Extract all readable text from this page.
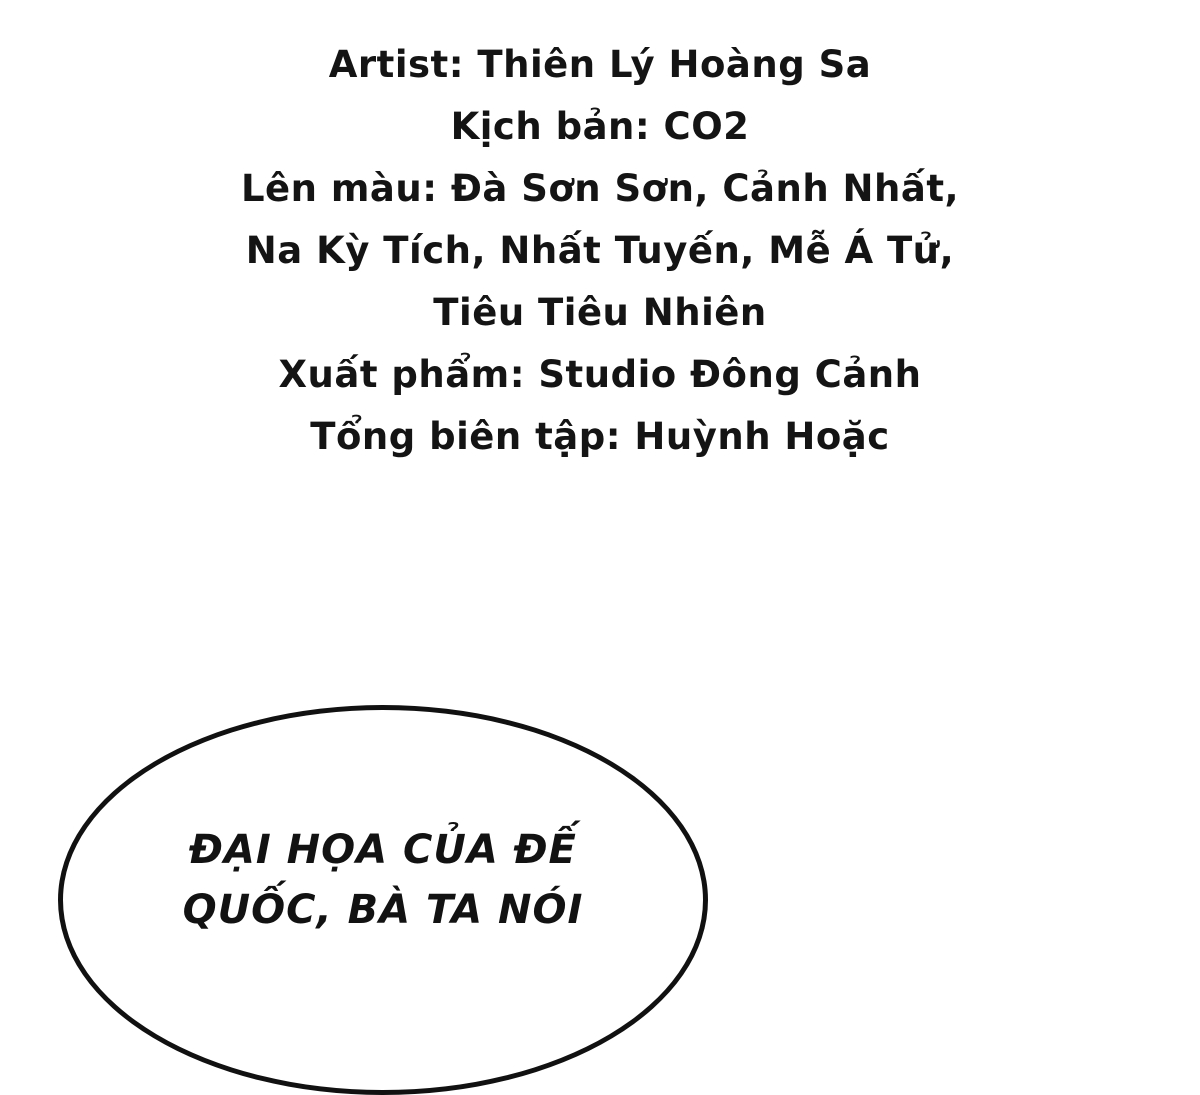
Artist: Thiên Lý Hoàng Sa
Kịch bản: CO2
Lên màu: Đà Sơn Sơn, Cảnh Nhất,
Na Kỳ Tích, Nhất Tuyến, Mễ Á Tử,
Tiêu Tiêu Nhiên
Xuất phẩm: Studio Đông Cảnh
Tổng biên tập: Huỳnh Hoặc
ĐẠI HỌA CỦA ĐẾ
QUỐC, BÀ TA NÓI
